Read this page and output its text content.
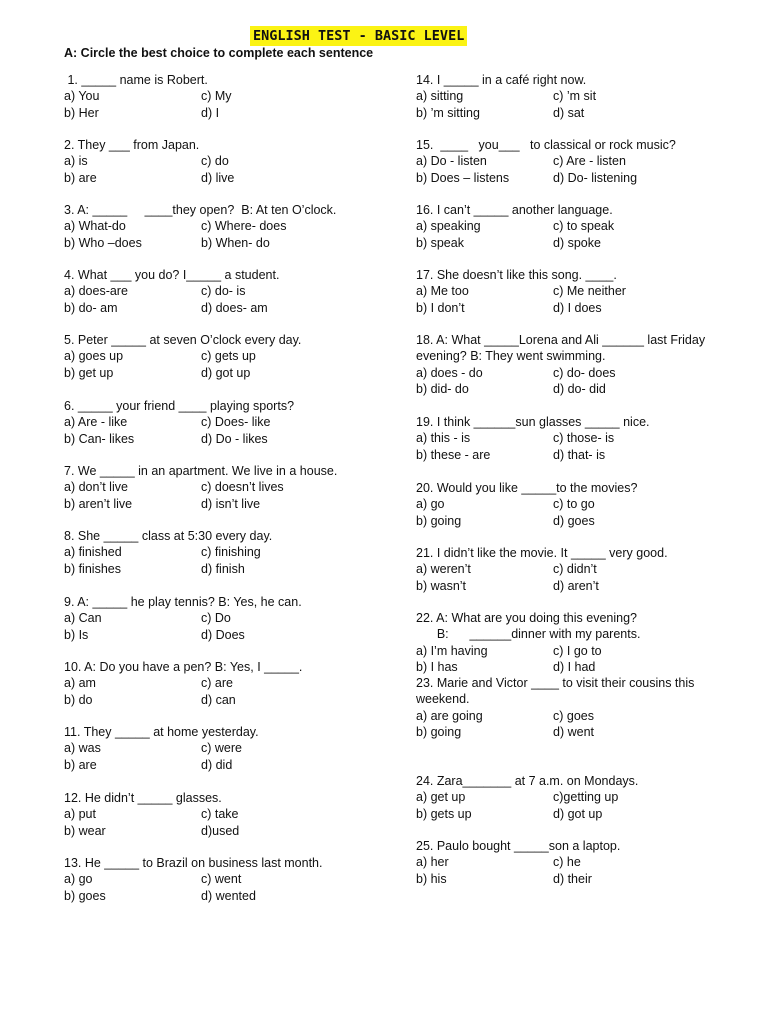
ENGLISH TEST - BASIC LEVEL
A: Circle the best choice to complete each sentence
1. _____ name is Robert.
a) You	c) My
b) Her	d) I
2. They ___ from Japan.
a) is	c) do
b) are	d) live
3. A: _____     ____they open?  B: At ten O’clock.
a) What-do	c) Where- does
b) Who –does	b) When- do
4. What ___ you do? I_____ a student.
a) does-are	c) do- is
b) do- am	d) does- am
5. Peter _____ at seven O’clock every day.
a) goes up	c) gets up
b) get up	d) got up
6. _____ your friend ____ playing sports?
a) Are - like	c) Does- like
b) Can- likes	d) Do - likes
7. We _____ in an apartment. We live in a house.
a) don’t live	c) doesn’t lives
b) aren’t live	d) isn’t live
8. She _____ class at 5:30 every day.
a) finished	c) finishing
b) finishes	d) finish
9. A: _____ he play tennis? B: Yes, he can.
a) Can	c) Do
b) Is	d) Does
10. A: Do you have a pen? B: Yes, I _____.
a) am	c) are
b) do	d) can
11. They _____ at home yesterday.
a) was	c) were
b) are	d) did
12. He didn’t _____ glasses.
a) put	c) take
b) wear	d)used
13. He _____ to Brazil on business last month.
a) go	c) went
b) goes	d) wented
14. I _____ in a café right now.
a) sitting	c) ’m sit
b) ’m sitting	d) sat
15.  ____   you___   to classical or rock music?
a) Do - listen	c) Are - listen
b) Does – listens	d) Do- listening
16. I can’t _____ another language.
a) speaking	c) to speak
b) speak	d) spoke
17. She doesn’t like this song. ____.
a) Me too	c) Me neither
b) I don’t	d) I does
18. A: What _____Lorena and Ali ______ last Friday evening? B: They went swimming.
a) does - do	c) do- does
b) did- do	d) do- did
19. I think ______sun glasses _____ nice.
a) this - is	c) those- is
b) these - are	d) that- is
20. Would you like _____to the movies?
a) go	c) to go
b) going	d) goes
21. I didn’t like the movie. It _____ very good.
a) weren’t	c) didn’t
b) wasn’t	d) aren’t
22. A: What are you doing this evening?
B:      ______dinner with my parents.
a) I’m having	c) I go to
b) I has	d) I had
23. Marie and Victor ____ to visit their cousins this weekend.
a) are going	c) goes
b) going	d) went
24. Zara_______ at 7 a.m. on Mondays.
a) get up	c)getting up
b) gets up	d) got up
25. Paulo bought _____son a laptop.
a) her	c) he
b) his	d) their
